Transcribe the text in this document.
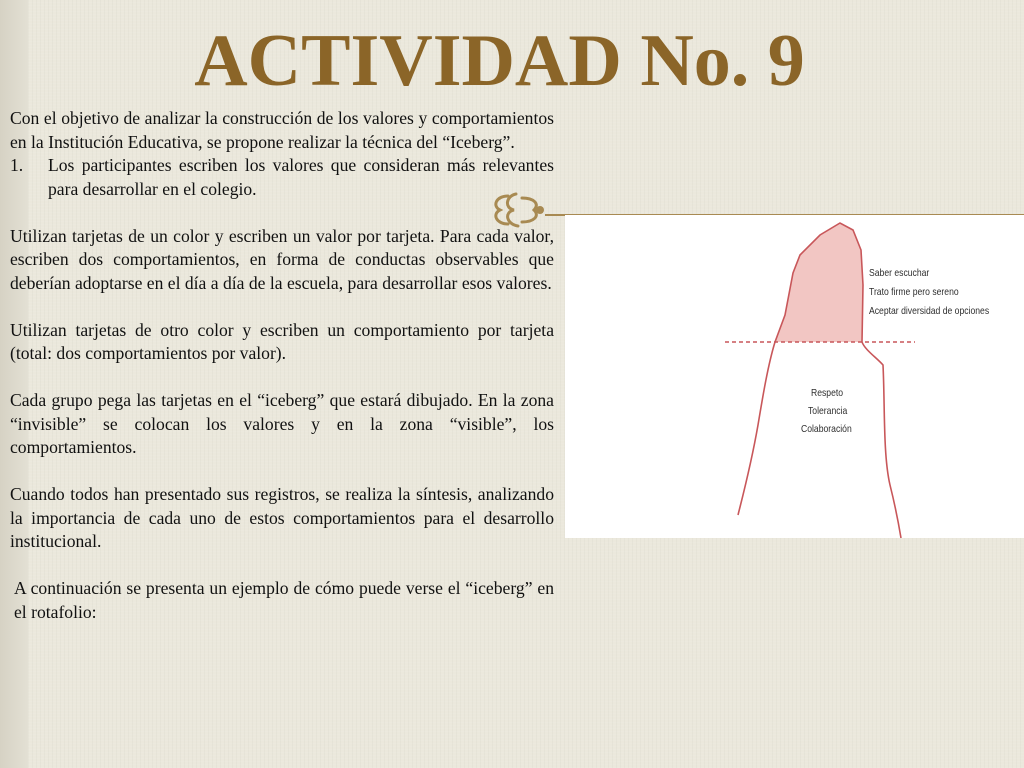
ACTIVIDAD No. 9

Con el objetivo de analizar la construcción de los valores y comportamientos en la Institución Educativa, se propone realizar la técnica del “Iceberg”.

1.	Los participantes escriben los valores que consideran más relevantes para desarrollar en el colegio.

Utilizan tarjetas de un color y escriben un valor por tarjeta. Para cada valor, escriben dos comportamientos, en forma de conductas observables que deberían adoptarse en el día a día de la escuela, para desarrollar esos valores.

Utilizan tarjetas de otro color y escriben un comportamiento por tarjeta (total: dos comportamientos por valor).

Cada grupo pega las tarjetas en el “iceberg” que estará dibujado. En la zona “invisible” se colocan los valores y en la zona “visible”, los comportamientos.

Cuando todos han presentado sus registros, se realiza la síntesis, analizando la importancia de cada uno de estos comportamientos para el desarrollo institucional.

A continuación se presenta un ejemplo de cómo puede verse el “iceberg” en el rotafolio:

Saber escuchar
Trato firme pero sereno
Aceptar diversidad de opciones
Respeto
Tolerancia
Colaboración
